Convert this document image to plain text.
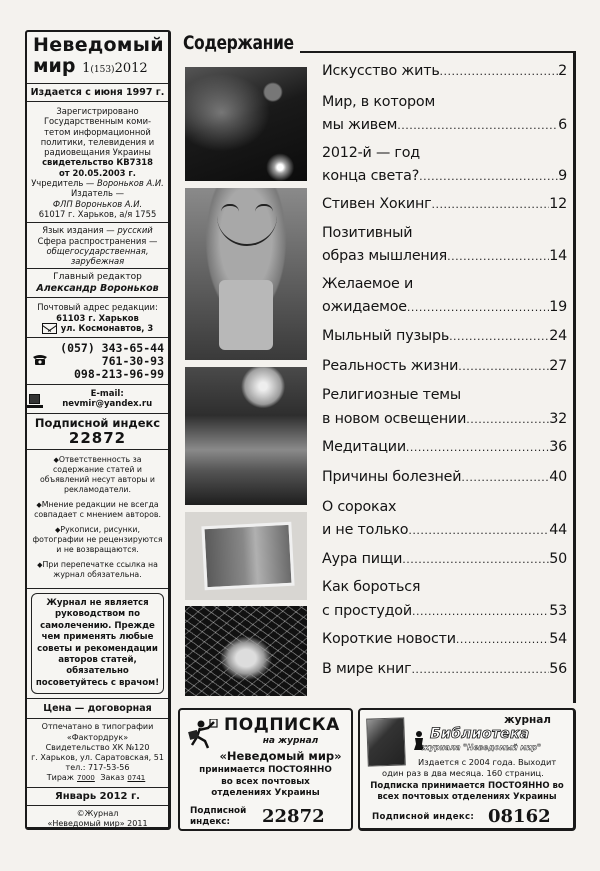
Неведомый
мир 1(153)2012
Издается с июня 1997 г.
Зарегистрировано
Государственным коми-
тетом информационной
политики, телевидения и
радиовещания Украины
свидетельство КВ7318
от 20.05.2003 г.
Учредитель — Вороньков А.И.
Издатель —
ФЛП Вороньков А.И.
61017 г. Харьков, а/я 1755
Язык издания — русский
Сфера распространения —
общегосударственная,
зарубежная
Главный редактор
Александр Вороньков
Почтовый адрес редакции:
61103 г. Харьков
ул. Космонавтов, 3
(057) 343-65-44
761-30-93
098-213-96-99
E-mail: nevmir@yandex.ru
Подписной индекс
22872

◆Ответственность за содержание статей и объявлений несут авторы и рекламодатели.

◆Мнение редакции не всегда совпадает с мнением авторов.

◆Рукописи, рисунки, фотографии не рецензируются и не возвращаются.

◆При перепечатке ссылка на журнал обязательна.

Журнал не является руководством по самолечению. Прежде чем применять любые советы и рекомендации авторов статей, обязательно посоветуйтесь с врачом!
Цена — договорная
Отпечатано в типографии
«Фактордрук»
Свидетельство ХК №120
г. Харьков, ул. Саратовская, 51
тел.: 717-53-56
Тираж 7000 Заказ 0741
Январь 2012 г.
©Журнал
«Неведомый мир» 2011
Содержание
Искусство жить .....	2
Мир, в котором
мы живем .....	6
2012-й — год
конца света? .....	9
Стивен Хокинг .....	12
Позитивный
образ мышления .....	14
Желаемое и
ожидаемое .....	19
Мыльный пузырь .....	24
Реальность жизни .....	27
Религиозные темы
в новом освещении .....	32
Медитации .....	36
Причины болезней .....	40
О сороках
и не только .....	44
Аура пищи .....	50
Как бороться
с простудой .....	53
Короткие новости .....	54
В мире книг .....	56
ПОДПИСКА
на журнал
«Неведомый мир»
принимается ПОСТОЯННО
во всех почтовых
отделениях Украины
Подписной
индекс:	22872
журнал
Библиотека
журнала "Неведомый мир"
Издается с 2004 года. Выходит
один раз в два месяца. 160 страниц.
Подписка принимается ПОСТОЯННО во
всех почтовых отделениях Украины
Подписной индекс: 08162
